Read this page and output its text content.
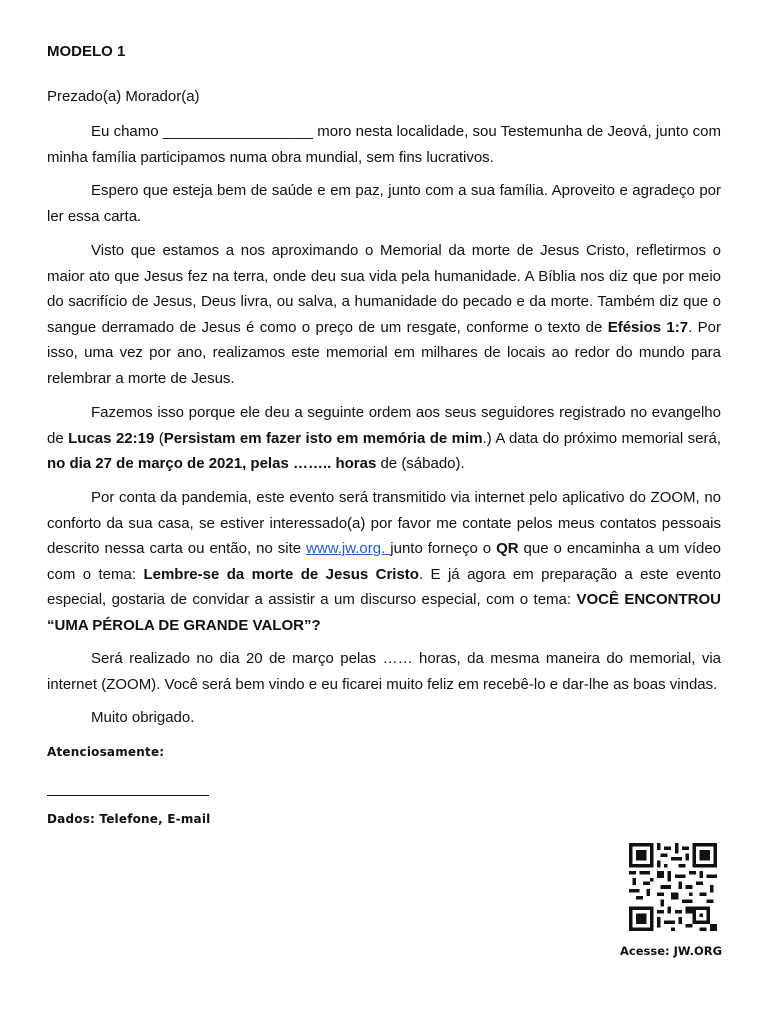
MODELO 1
Prezado(a) Morador(a)
Eu chamo __________________ moro nesta localidade, sou Testemunha de Jeová, junto com minha família participamos numa obra mundial, sem fins lucrativos.
Espero que esteja bem de saúde e em paz, junto com a sua família. Aproveito e agradeço por ler essa carta.
Visto que estamos a nos aproximando o Memorial da morte de Jesus Cristo, refletirmos o maior ato que Jesus fez na terra, onde deu sua vida pela humanidade. A Bíblia nos diz que por meio do sacrifício de Jesus, Deus livra, ou salva, a humanidade do pecado e da morte. Também diz que o sangue derramado de Jesus é como o preço de um resgate, conforme o texto de Efésios 1:7. Por isso, uma vez por ano, realizamos este memorial em milhares de locais ao redor do mundo para relembrar a morte de Jesus.
Fazemos isso porque ele deu a seguinte ordem aos seus seguidores registrado no evangelho de Lucas 22:19 (Persistam em fazer isto em memória de mim.) A data do próximo memorial será, no dia 27 de março de 2021, pelas …….. horas de (sábado).
Por conta da pandemia, este evento será transmitido via internet pelo aplicativo do ZOOM, no conforto da sua casa, se estiver interessado(a) por favor me contate pelos meus contatos pessoais descrito nessa carta ou então, no site www.jw.org. junto forneço o QR que o encaminha a um vídeo com o tema: Lembre-se da morte de Jesus Cristo. E já agora em preparação a este evento especial, gostaria de convidar a assistir a um discurso especial, com o tema: VOCÊ ENCONTROU “UMA PÉROLA DE GRANDE VALOR”?
Será realizado no dia 20 de março pelas …… horas, da mesma maneira do memorial, via internet (ZOOM). Você será bem vindo e eu ficarei muito feliz em recebê-lo e dar-lhe as boas vindas.
Muito obrigado.
Atenciosamente:
Dados: Telefone, E-mail
Acesse: JW.ORG
